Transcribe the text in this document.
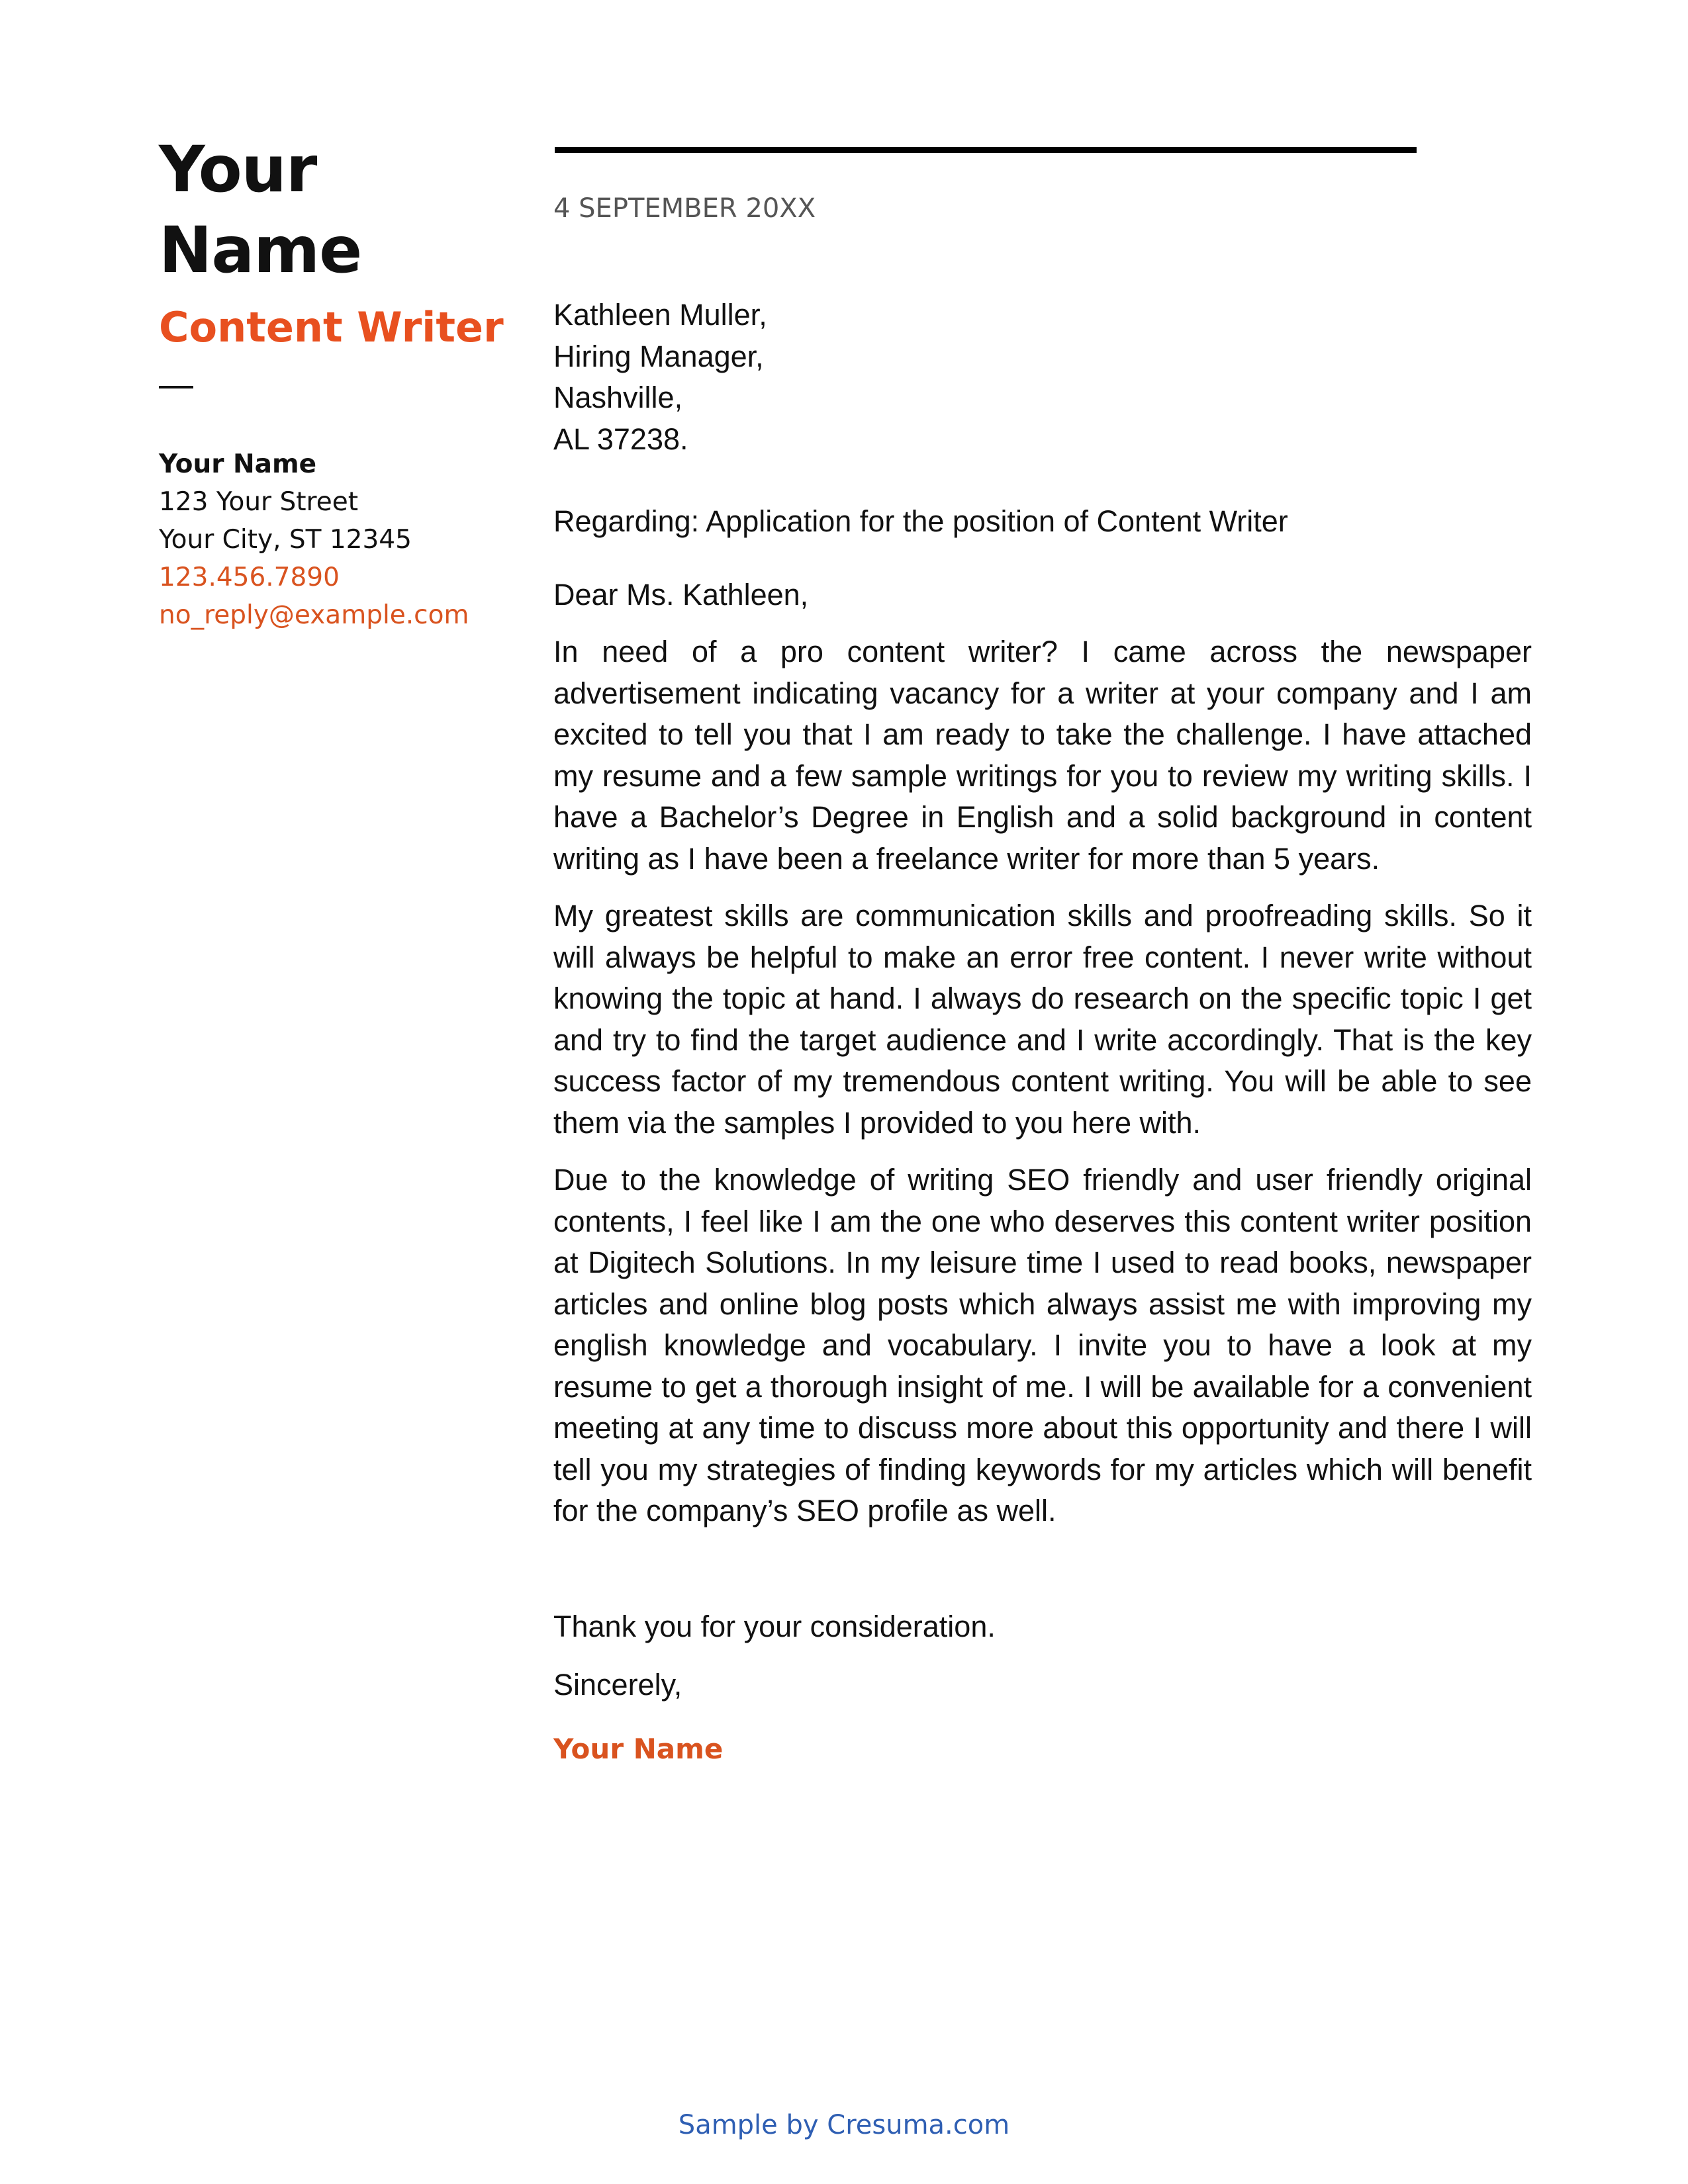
Your
Name
Content Writer
Your Name
123 Your Street
Your City, ST 12345
123.456.7890
no_reply@example.com
4 SEPTEMBER 20XX
Kathleen Muller,
Hiring Manager,
Nashville,
AL 37238.
Regarding: Application for the position of Content Writer
Dear Ms. Kathleen,
In need of a pro content writer? I came across the newspaper advertisement indicating vacancy for a writer at your company and I am excited to tell you that I am ready to take the challenge. I have attached my resume and a few sample writings for you to review my writing skills. I have a Bachelor’s Degree in English and a solid background in content writing as I have been a freelance writer for more than 5 years.
My greatest skills are communication skills and proofreading skills. So it will always be helpful to make an error free content. I never write without knowing the topic at hand. I always do research on the specific topic I get and try to find the target audience and I write accordingly. That is the key success factor of my tremendous content writing. You will be able to see them via the samples I provided to you here with.
Due to the knowledge of writing SEO friendly and user friendly original contents, I feel like I am the one who deserves this content writer position at Digitech Solutions. In my leisure time I used to read books, newspaper articles and online blog posts which always assist me with improving my english knowledge and vocabulary. I invite you to have a look at my resume to get a thorough insight of me. I will be available for a convenient meeting at any time to discuss more about this opportunity and there I will tell you my strategies of finding keywords for my articles which will benefit for the company’s SEO profile as well.
Thank you for your consideration.
Sincerely,
Your Name
Sample by Cresuma.com
